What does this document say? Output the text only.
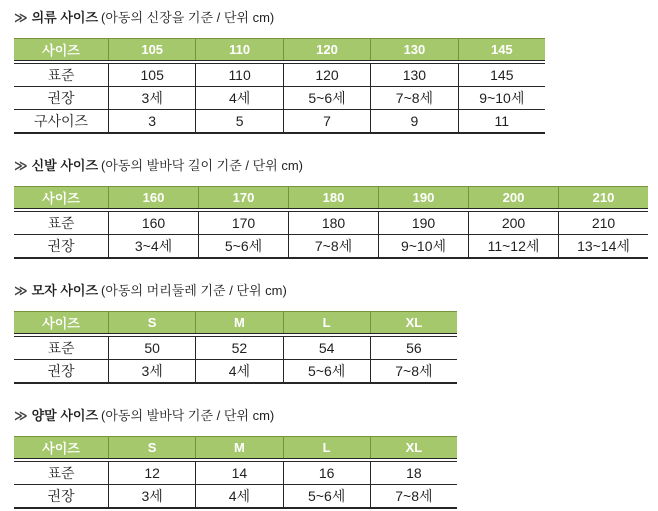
≫ 의류 사이즈 (아동의 신장을 기준 / 단위 cm)
사이즈	105	110	120	130	145
표준	105	110	120	130	145
권장	3세	4세	5~6세	7~8세	9~10세
구사이즈	3	5	7	9	11
≫ 신발 사이즈 (아동의 발바닥 길이 기준 / 단위 cm)
사이즈	160	170	180	190	200	210
표준	160	170	180	190	200	210
권장	3~4세	5~6세	7~8세	9~10세	11~12세	13~14세
≫ 모자 사이즈 (아동의 머리둘레 기준 / 단위 cm)
사이즈	S	M	L	XL
표준	50	52	54	56
권장	3세	4세	5~6세	7~8세
≫ 양말 사이즈 (아동의 발바닥 기준 / 단위 cm)
사이즈	S	M	L	XL
표준	12	14	16	18
권장	3세	4세	5~6세	7~8세
